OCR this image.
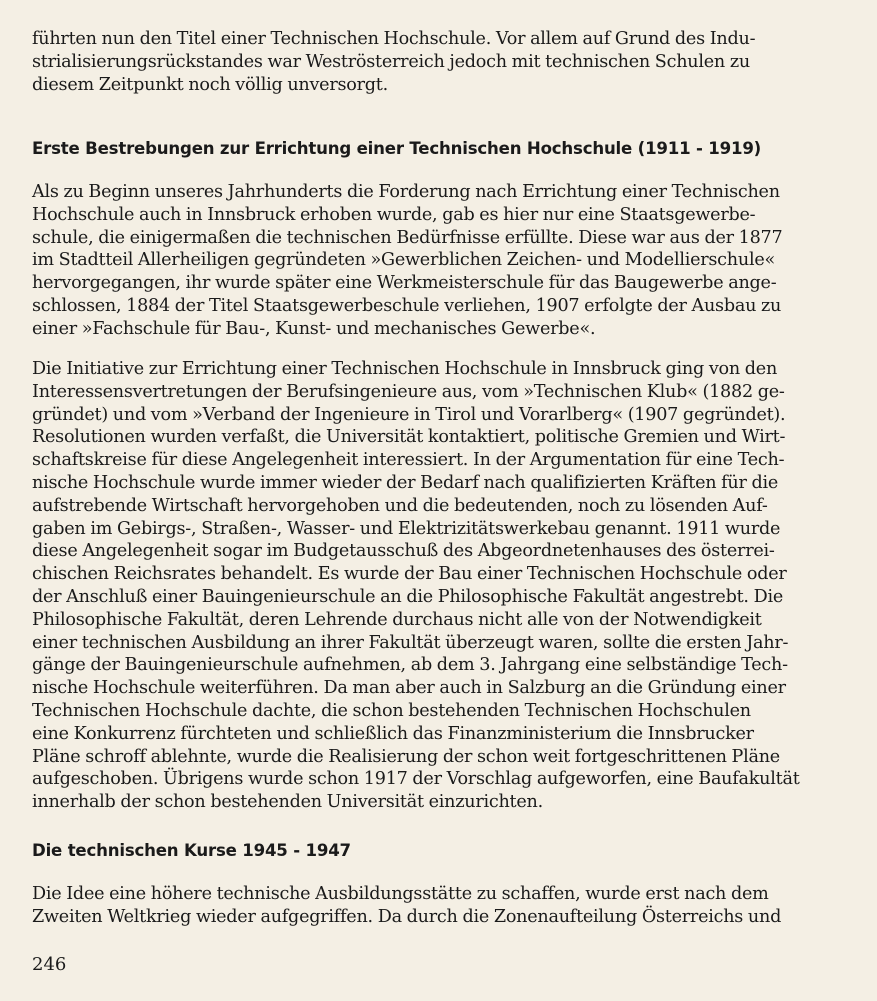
führten nun den Titel einer Technischen Hochschule. Vor allem auf Grund des Indu-
strialisierungsrückstandes war Weströsterreich jedoch mit technischen Schulen zu
diesem Zeitpunkt noch völlig unversorgt.
Erste Bestrebungen zur Errichtung einer Technischen Hochschule (1911 - 1919)
Als zu Beginn unseres Jahrhunderts die Forderung nach Errichtung einer Technischen
Hochschule auch in Innsbruck erhoben wurde, gab es hier nur eine Staatsgewerbe-
schule, die einigermaßen die technischen Bedürfnisse erfüllte. Diese war aus der 1877
im Stadtteil Allerheiligen gegründeten »Gewerblichen Zeichen- und Modellierschule«
hervorgegangen, ihr wurde später eine Werkmeisterschule für das Baugewerbe ange-
schlossen, 1884 der Titel Staatsgewerbeschule verliehen, 1907 erfolgte der Ausbau zu
einer »Fachschule für Bau-, Kunst- und mechanisches Gewerbe«.
Die Initiative zur Errichtung einer Technischen Hochschule in Innsbruck ging von den
Interessensvertretungen der Berufsingenieure aus, vom »Technischen Klub« (1882 ge-
gründet) und vom »Verband der Ingenieure in Tirol und Vorarlberg« (1907 gegründet).
Resolutionen wurden verfaßt, die Universität kontaktiert, politische Gremien und Wirt-
schaftskreise für diese Angelegenheit interessiert. In der Argumentation für eine Tech-
nische Hochschule wurde immer wieder der Bedarf nach qualifizierten Kräften für die
aufstrebende Wirtschaft hervorgehoben und die bedeutenden, noch zu lösenden Auf-
gaben im Gebirgs-, Straßen-, Wasser- und Elektrizitätswerkebau genannt. 1911 wurde
diese Angelegenheit sogar im Budgetausschuß des Abgeordnetenhauses des österrei-
chischen Reichsrates behandelt. Es wurde der Bau einer Technischen Hochschule oder
der Anschluß einer Bauingenieurschule an die Philosophische Fakultät angestrebt. Die
Philosophische Fakultät, deren Lehrende durchaus nicht alle von der Notwendigkeit
einer technischen Ausbildung an ihrer Fakultät überzeugt waren, sollte die ersten Jahr-
gänge der Bauingenieurschule aufnehmen, ab dem 3. Jahrgang eine selbständige Tech-
nische Hochschule weiterführen. Da man aber auch in Salzburg an die Gründung einer
Technischen Hochschule dachte, die schon bestehenden Technischen Hochschulen
eine Konkurrenz fürchteten und schließlich das Finanzministerium die Innsbrucker
Pläne schroff ablehnte, wurde die Realisierung der schon weit fortgeschrittenen Pläne
aufgeschoben. Übrigens wurde schon 1917 der Vorschlag aufgeworfen, eine Baufakultät
innerhalb der schon bestehenden Universität einzurichten.
Die technischen Kurse 1945 - 1947
Die Idee eine höhere technische Ausbildungsstätte zu schaffen, wurde erst nach dem
Zweiten Weltkrieg wieder aufgegriffen. Da durch die Zonenaufteilung Österreichs und
246
